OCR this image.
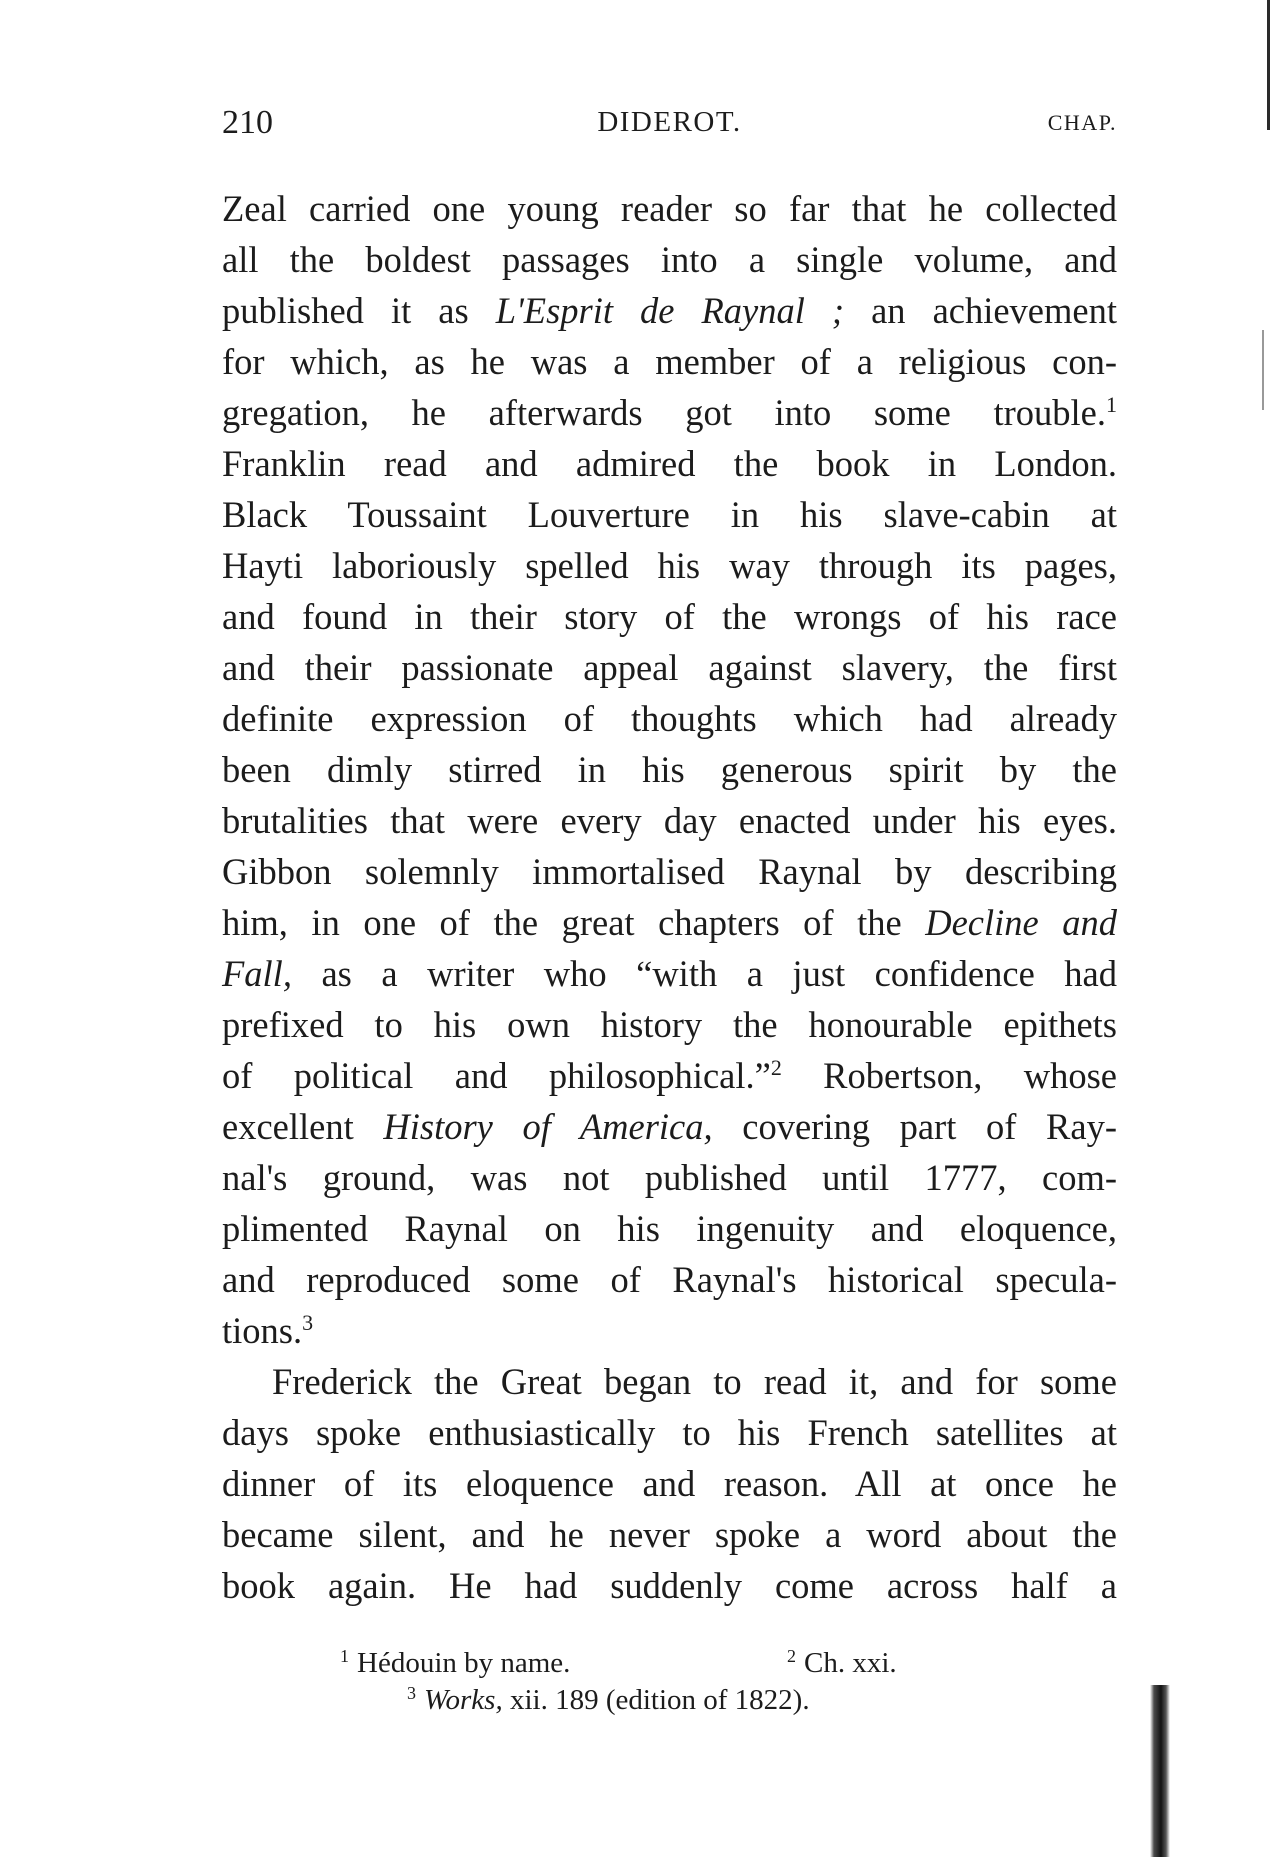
210	DIDEROT.	CHAP.
Zeal carried one young reader so far that he collected
all the boldest passages into a single volume, and
published it as L'Esprit de Raynal ; an achievement
for which, as he was a member of a religious con-
gregation, he afterwards got into some trouble.$^1$
Franklin read and admired the book in London.
Black Toussaint Louverture in his slave-cabin at
Hayti laboriously spelled his way through its pages,
and found in their story of the wrongs of his race
and their passionate appeal against slavery, the first
definite expression of thoughts which had already
been dimly stirred in his generous spirit by the
brutalities that were every day enacted under his eyes.
Gibbon solemnly immortalised Raynal by describing
him, in one of the great chapters of the Decline and
Fall, as a writer who “with a just confidence had
prefixed to his own history the honourable epithets
of political and philosophical.”$^2$ Robertson, whose
excellent History of America, covering part of Ray-
nal's ground, was not published until 1777, com-
plimented Raynal on his ingenuity and eloquence,
and reproduced some of Raynal's historical specula-
tions.$^3$
Frederick the Great began to read it, and for some
days spoke enthusiastically to his French satellites at
dinner of its eloquence and reason. All at once he
became silent, and he never spoke a word about the
book again. He had suddenly come across half a
$^1$ Hédouin by name.	$^2$ Ch. xxi.
$^3$ Works, xii. 189 (edition of 1822).
